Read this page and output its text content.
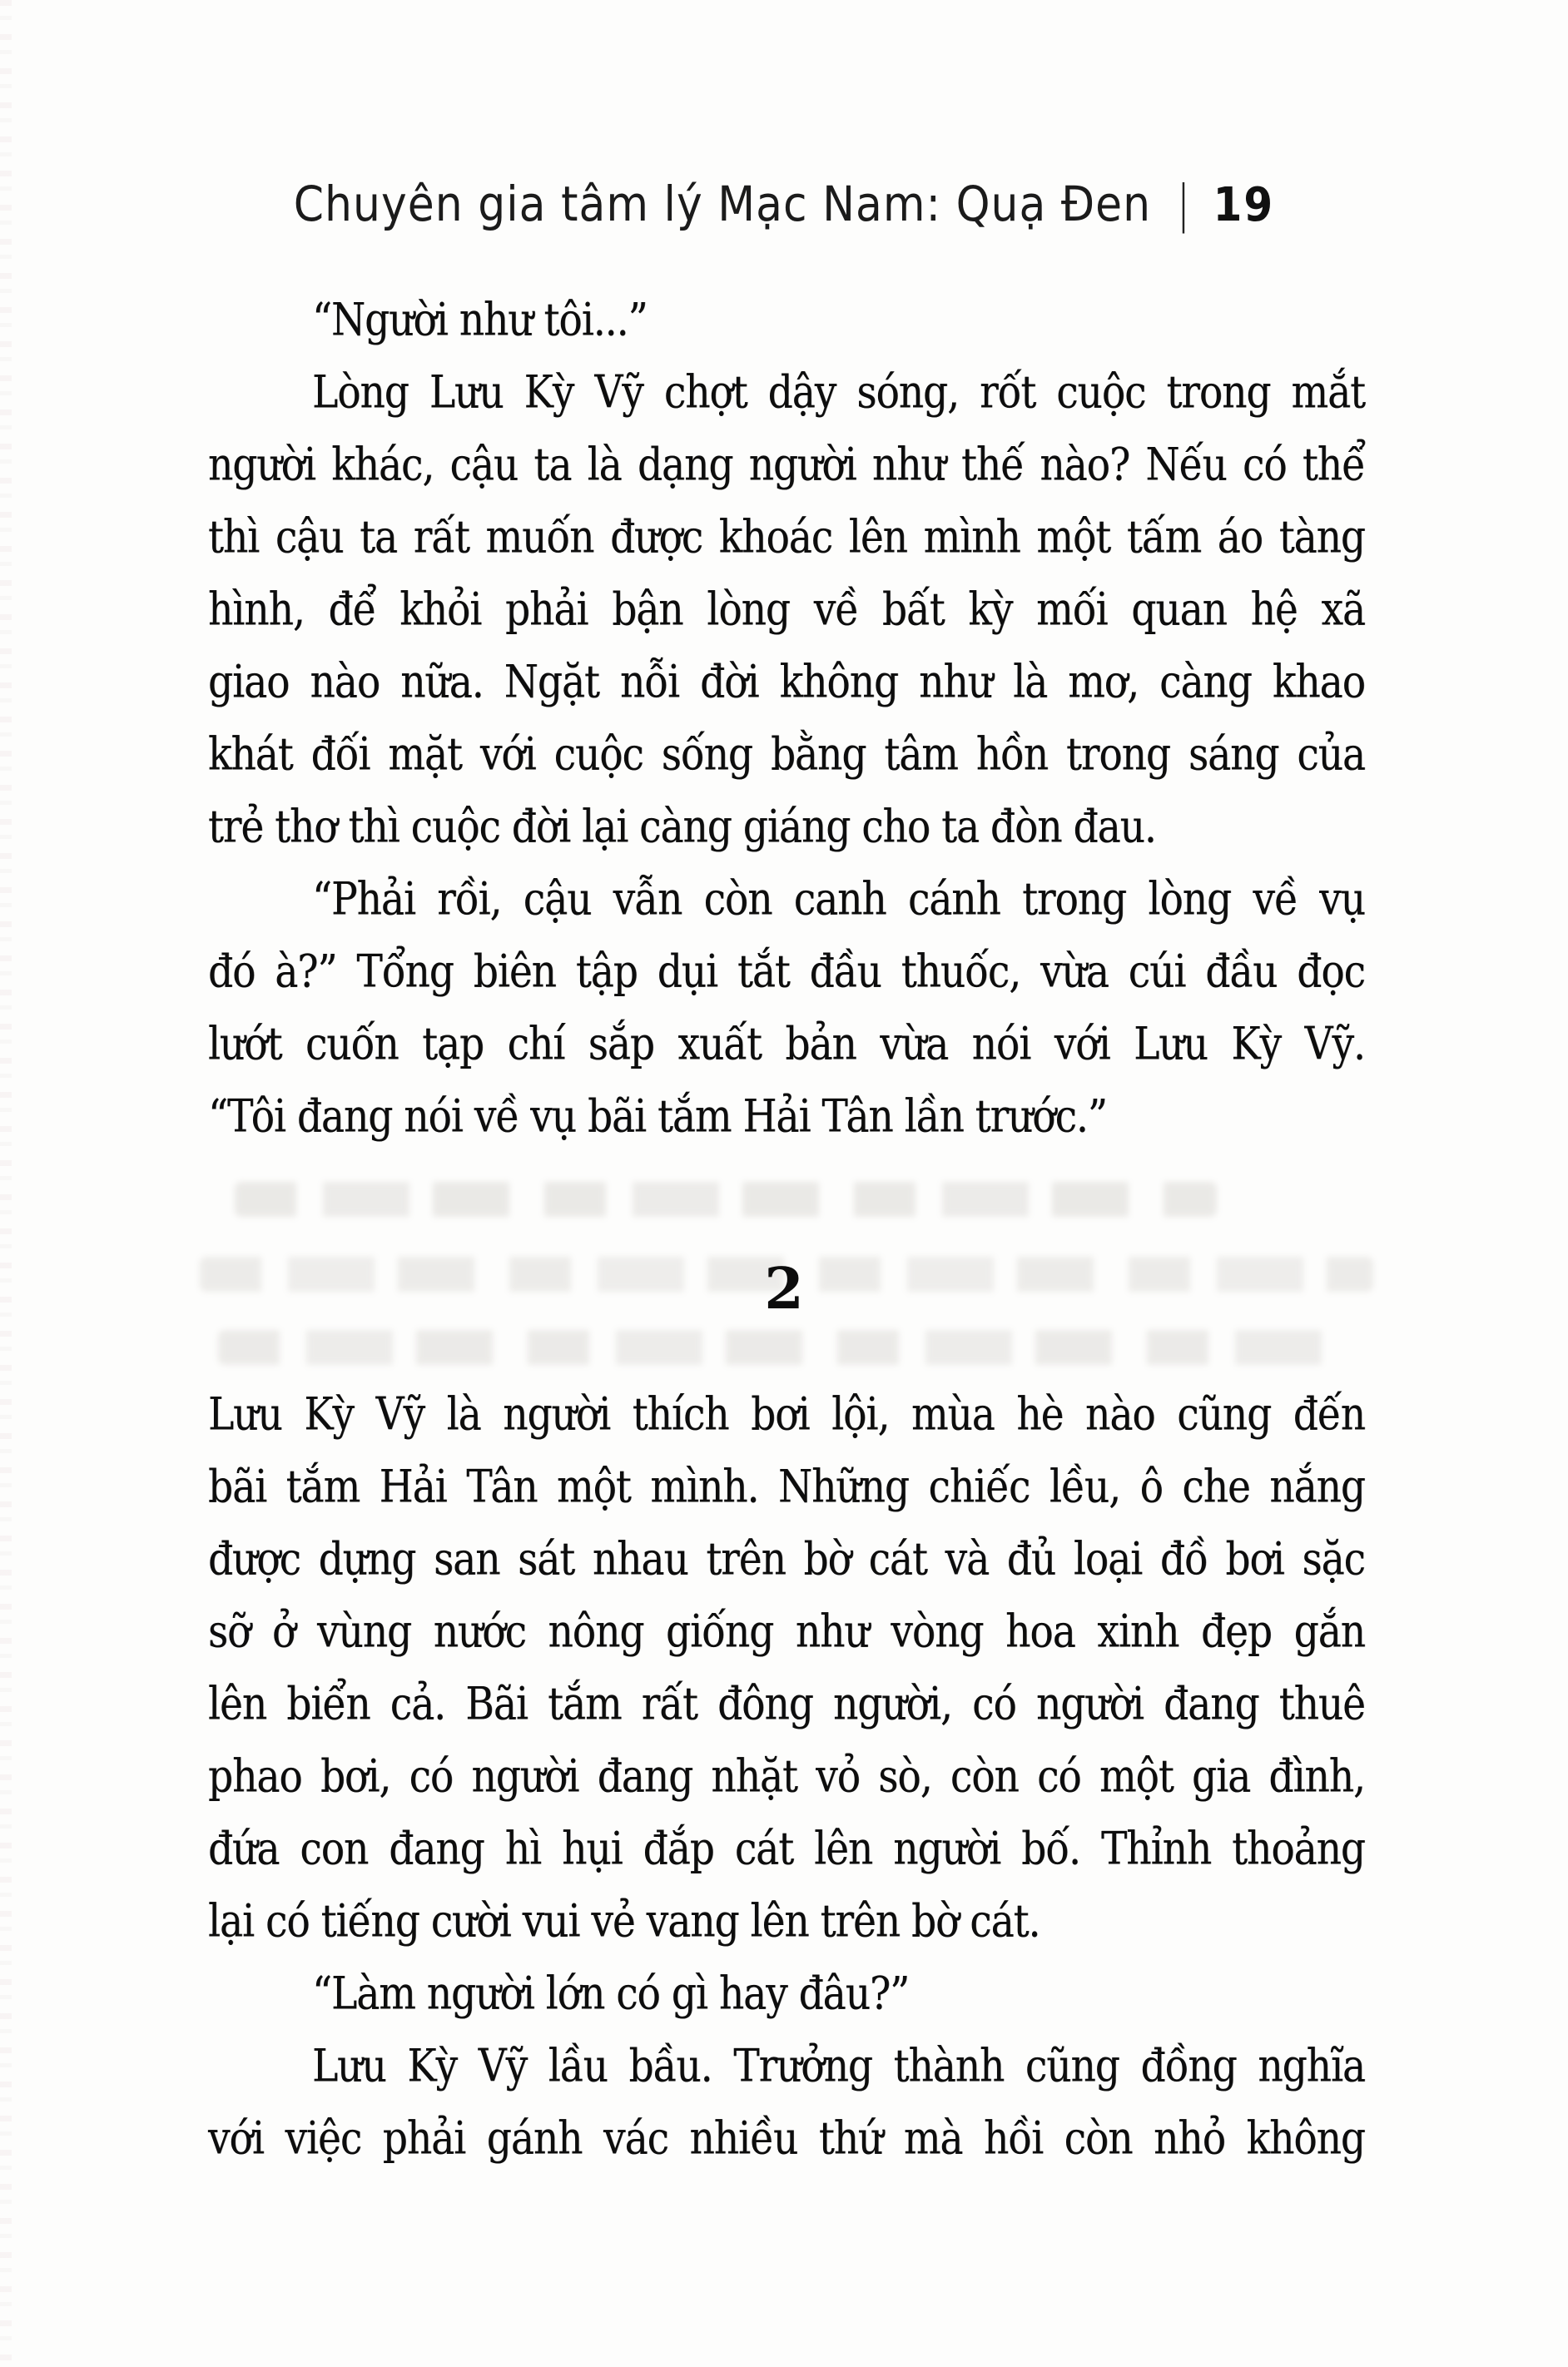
Chuyên gia tâm lý Mạc Nam: Quạ Đen | 19
“Người như tôi...”
Lòng Lưu Kỳ Vỹ chợt dậy sóng, rốt cuộc trong mắt
người khác, cậu ta là dạng người như thế nào? Nếu có thể
thì cậu ta rất muốn được khoác lên mình một tấm áo tàng
hình, để khỏi phải bận lòng về bất kỳ mối quan hệ xã
giao nào nữa. Ngặt nỗi đời không như là mơ, càng khao
khát đối mặt với cuộc sống bằng tâm hồn trong sáng của
trẻ thơ thì cuộc đời lại càng giáng cho ta đòn đau.
“Phải rồi, cậu vẫn còn canh cánh trong lòng về vụ
đó à?” Tổng biên tập dụi tắt đầu thuốc, vừa cúi đầu đọc
lướt cuốn tạp chí sắp xuất bản vừa nói với Lưu Kỳ Vỹ.
“Tôi đang nói về vụ bãi tắm Hải Tân lần trước.”
2
Lưu Kỳ Vỹ là người thích bơi lội, mùa hè nào cũng đến
bãi tắm Hải Tân một mình. Những chiếc lều, ô che nắng
được dựng san sát nhau trên bờ cát và đủ loại đồ bơi sặc
sỡ ở vùng nước nông giống như vòng hoa xinh đẹp gắn
lên biển cả. Bãi tắm rất đông người, có người đang thuê
phao bơi, có người đang nhặt vỏ sò, còn có một gia đình,
đứa con đang hì hụi đắp cát lên người bố. Thỉnh thoảng
lại có tiếng cười vui vẻ vang lên trên bờ cát.
“Làm người lớn có gì hay đâu?”
Lưu Kỳ Vỹ lầu bầu. Trưởng thành cũng đồng nghĩa
với việc phải gánh vác nhiều thứ mà hồi còn nhỏ không
